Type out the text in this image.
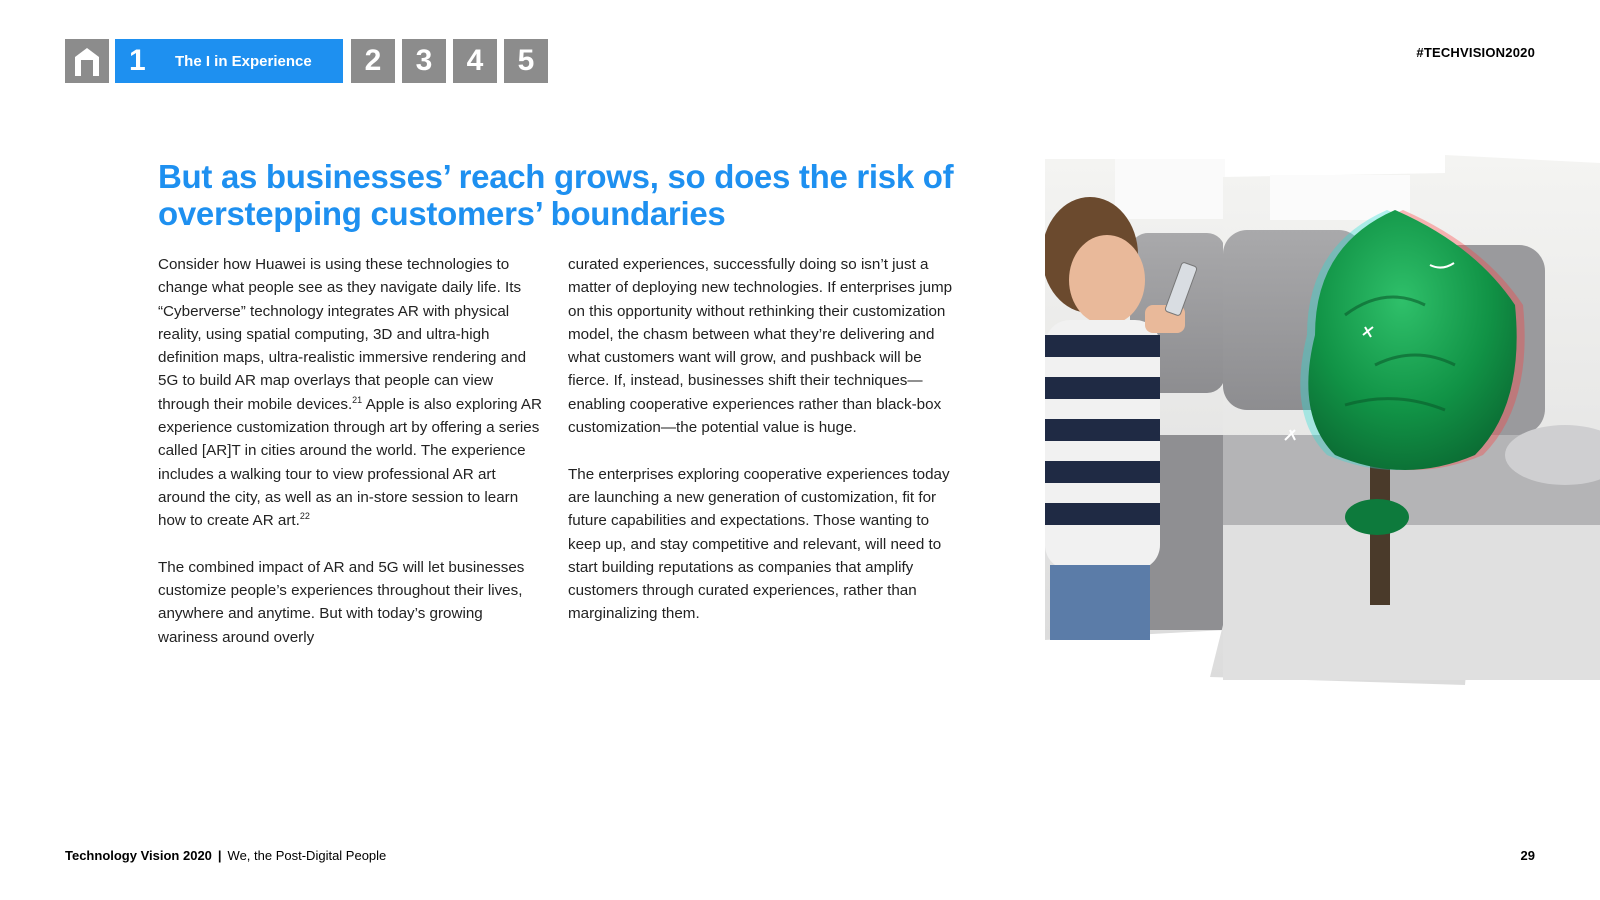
1	The I in Experience	2	3	4	5	#TECHVISION2020
But as businesses’ reach grows, so does the risk of overstepping customers’ boundaries

Consider how Huawei is using these technologies to change what people see as they navigate daily life. Its “Cyberverse” technology integrates AR with physical reality, using spatial computing, 3D and ultra-high definition maps, ultra-realistic immersive rendering and 5G to build AR map overlays that people can view through their mobile devices.$^{21}$ Apple is also exploring AR experience customization through art by offering a series called [AR]T in cities around the world. The experience includes a walking tour to view professional AR art around the city, as well as an in-store session to learn how to create AR art.$^{22}$

The combined impact of AR and 5G will let businesses customize people’s experiences throughout their lives, anywhere and anytime. But with today’s growing wariness around overly

curated experiences, successfully doing so isn’t just a matter of deploying new technologies. If enterprises jump on this opportunity without rethinking their customization model, the chasm between what they’re delivering and what customers want will grow, and pushback will be fierce. If, instead, businesses shift their techniques—enabling cooperative experiences rather than black-box customization—the potential value is huge.

The enterprises exploring cooperative experiences today are launching a new generation of customization, fit for future capabilities and expectations. Those wanting to keep up, and stay competitive and relevant, will need to start building reputations as companies that amplify customers through curated experiences, rather than marginalizing them.

Technology Vision 2020 | We, the Post-Digital People	29
